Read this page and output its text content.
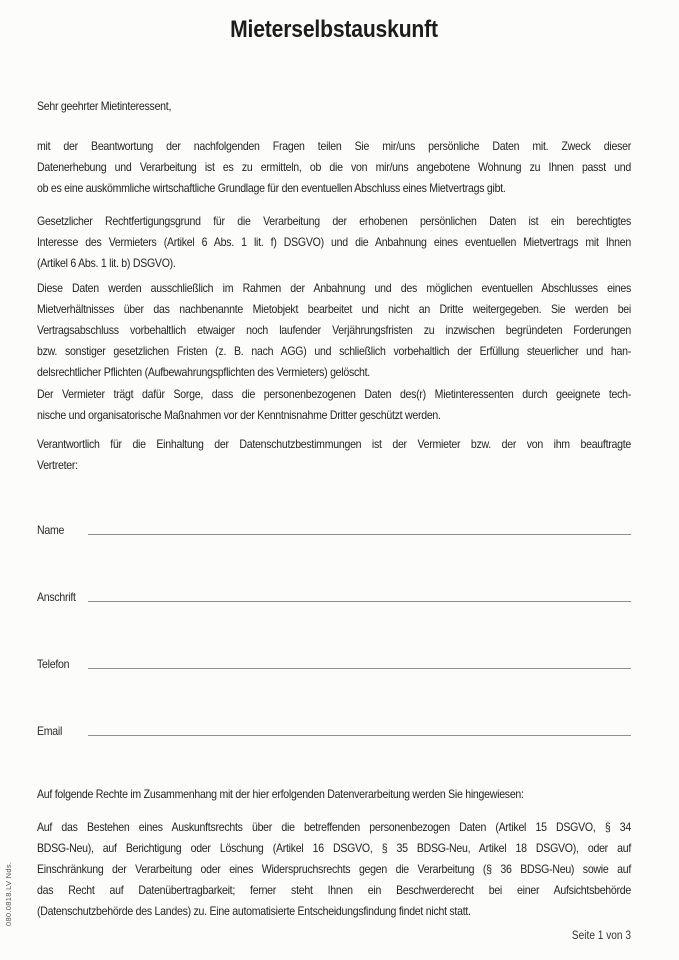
Mieterselbstauskunft
Sehr geehrter Mietinteressent,
mit der Beantwortung der nachfolgenden Fragen teilen Sie mir/uns persönliche Daten mit. Zweck dieser
Datenerhebung und Verarbeitung ist es zu ermitteln, ob die von mir/uns angebotene Wohnung zu Ihnen passt und
ob es eine auskömmliche wirtschaftliche Grundlage für den eventuellen Abschluss eines Mietvertrags gibt.
Gesetzlicher Rechtfertigungsgrund für die Verarbeitung der erhobenen persönlichen Daten ist ein berechtigtes
Interesse des Vermieters (Artikel 6 Abs. 1 lit. f) DSGVO) und die Anbahnung eines eventuellen Mietvertrags mit Ihnen
(Artikel 6 Abs. 1 lit. b) DSGVO).
Diese Daten werden ausschließlich im Rahmen der Anbahnung und des möglichen eventuellen Abschlusses eines
Mietverhältnisses über das nachbenannte Mietobjekt bearbeitet und nicht an Dritte weitergegeben. Sie werden bei
Vertragsabschluss vorbehaltlich etwaiger noch laufender Verjährungsfristen zu inzwischen begründeten Forderungen
bzw. sonstiger gesetzlichen Fristen (z. B. nach AGG) und schließlich vorbehaltlich der Erfüllung steuerlicher und han-
delsrechtlicher Pflichten (Aufbewahrungspflichten des Vermieters) gelöscht.
Der Vermieter trägt dafür Sorge, dass die personenbezogenen Daten des(r) Mietinteressenten durch geeignete tech-
nische und organisatorische Maßnahmen vor der Kenntnisnahme Dritter geschützt werden.
Verantwortlich für die Einhaltung der Datenschutzbestimmungen ist der Vermieter bzw. der von ihm beauftragte
Vertreter:
Name
Anschrift
Telefon
Email
Auf folgende Rechte im Zusammenhang mit der hier erfolgenden Datenverarbeitung werden Sie hingewiesen:
Auf das Bestehen eines Auskunftsrechts über die betreffenden personenbezogen Daten (Artikel 15 DSGVO, § 34
BDSG-Neu), auf Berichtigung oder Löschung (Artikel 16 DSGVO, § 35 BDSG-Neu, Artikel 18 DSGVO), oder auf
Einschränkung der Verarbeitung oder eines Widerspruchsrechts gegen die Verarbeitung (§ 36 BDSG-Neu) sowie auf
das Recht auf Datenübertragbarkeit; ferner steht Ihnen ein Beschwerderecht bei einer Aufsichtsbehörde
(Datenschutzbehörde des Landes) zu. Eine automatisierte Entscheidungsfindung findet nicht statt.
Seite 1 von 3
080.0818.LV Nds.
